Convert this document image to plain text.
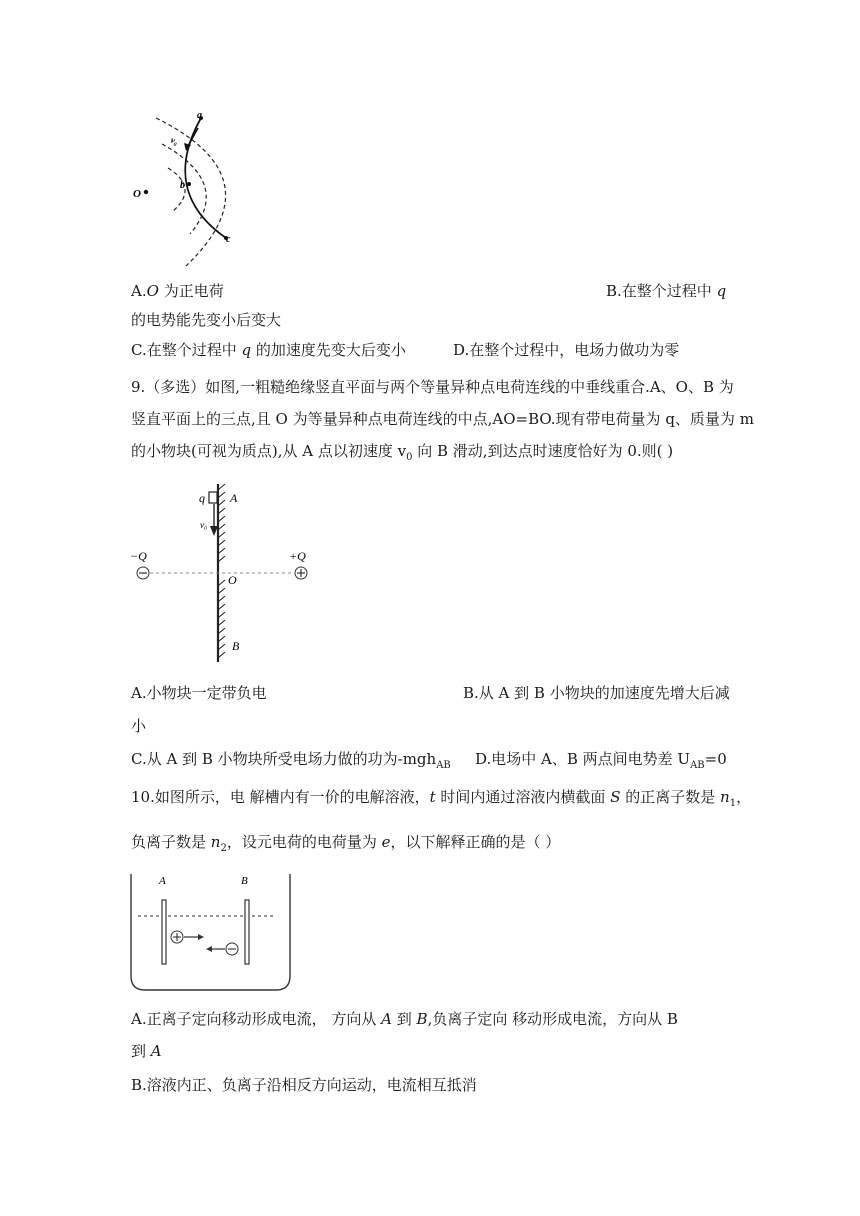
a
v₀
b
O
c
A.O 为正电荷	B.在整个过程中 q
的电势能先变小后变大
C.在整个过程中 q 的加速度先变大后变小	D.在整个过程中，电场力做功为零
9.（多选）如图,一粗糙绝缘竖直平面与两个等量异种点电荷连线的中垂线重合.A、O、B 为
竖直平面上的三点,且 O 为等量异种点电荷连线的中点,AO=BO.现有带电荷量为 q、质量为 m
的小物块(可视为质点),从 A 点以初速度 $v_0$ 向 B 滑动,到达点时速度恰好为 0.则( )
q A
v₀
−Q	+Q
O
B
A.小物块一定带负电	B.从 A 到 B 小物块的加速度先增大后减
小
C.从 A 到 B 小物块所受电场力做的功为-mgh$_{AB}$ D.电场中 A、B 两点间电势差 $U_{AB}=0$
10.如图所示，电 解槽内有一价的电解溶液，t 时间内通过溶液内横截面 S 的正离子数是 $n_1$，
负离子数是 $n_2$，设元电荷的电荷量为 e，以下解释正确的是（ ）
A	B
A.正离子定向移动形成电流， 方向从 A 到 B,负离子定向 移动形成电流，方向从 B
到 A
B.溶液内正、负离子沿相反方向运动，电流相互抵消
